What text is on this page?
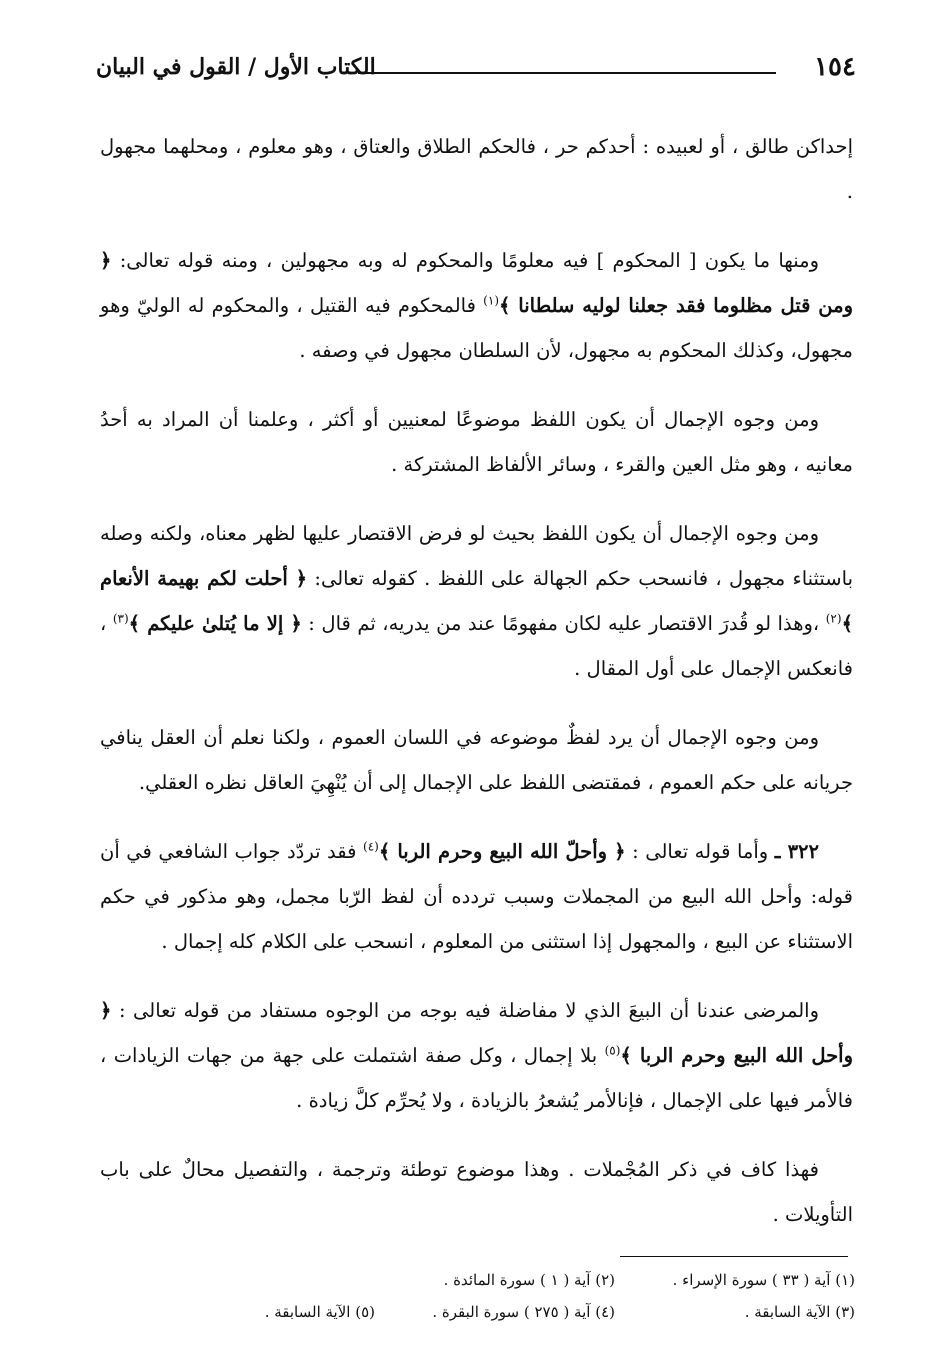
١٥٤
الكتاب الأول / القول في البيان

إحداكن طالق ، أو لعبيده : أحدكم حر ، فالحكم الطلاق والعتاق ، وهو معلوم ، ومحلهما مجهول .

ومنها ما يكون [ المحكوم ] فيه معلومًا والمحكوم له وبه مجهولين ، ومنه قوله تعالى: ﴿ ومن قتل مظلوما فقد جعلنا لوليه سلطانا ﴾$^{(١)}$ فالمحكوم فيه القتيل ، والمحكوم له الوليّ وهو مجهول، وكذلك المحكوم به مجهول، لأن السلطان مجهول في وصفه .

ومن وجوه الإجمال أن يكون اللفظ موضوعًا لمعنيين أو أكثر ، وعلمنا أن المراد به أحدُ معانيه ، وهو مثل العين والقرء ، وسائر الألفاظ المشتركة .

ومن وجوه الإجمال أن يكون اللفظ بحيث لو فرض الاقتصار عليها لظهر معناه، ولكنه وصله باستثناء مجهول ، فانسحب حكم الجهالة على اللفظ . كقوله تعالى: ﴿ أحلت لكم بهيمة الأنعام ﴾$^{(٢)}$ ،وهذا لو قُدرَ الاقتصار عليه لكان مفهومًا عند من يدريه، ثم قال : ﴿ إلا ما يُتلىٰ عليكم ﴾$^{(٣)}$ ، فانعكس الإجمال على أول المقال .

ومن وجوه الإجمال أن يرد لفظٌ موضوعه في اللسان العموم ، ولكنا نعلم أن العقل ينافي جريانه على حكم العموم ، فمقتضى اللفظ على الإجمال إلى أن يُنْهِيَ العاقل نظره العقلي.

٣٢٢ ـ وأما قوله تعالى : ﴿ وأحلّ الله البيع وحرم الربا ﴾$^{(٤)}$ فقد تردّد جواب الشافعي في أن قوله: وأحل الله البيع من المجملات وسبب تردده أن لفظ الرّبا مجمل، وهو مذكور في حكم الاستثناء عن البيع ، والمجهول إذا استثنى من المعلوم ، انسحب على الكلام كله إجمال .

والمرضى عندنا أن البيعَ الذي لا مفاضلة فيه بوجه من الوجوه مستفاد من قوله تعالى : ﴿ وأحل الله البيع وحرم الربا ﴾$^{(٥)}$ بلا إجمال ، وكل صفة اشتملت على جهة من جهات الزيادات ، فالأمر فيها على الإجمال ، فإنالأمر يُشعرُ بالزيادة ، ولا يُحرِّم كلَّ زيادة .

فهذا كاف في ذكر المُجْملات . وهذا موضوع توطئة وترجمة ، والتفصيل محالٌ على باب التأويلات .

(١) آية ( ٣٣ ) سورة الإسراء .
(٢) آية ( ١ ) سورة المائدة .
(٣) الآية السابقة .
(٤) آية ( ٢٧٥ ) سورة البقرة .
(٥) الآية السابقة .
